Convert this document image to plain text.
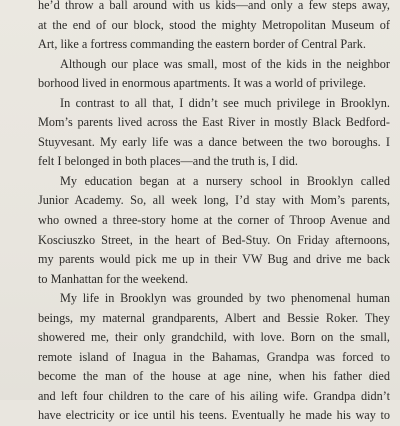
he’d throw a ball around with us kids—and only a few steps away,
at the end of our block, stood the mighty Metropolitan Museum of
Art, like a fortress commanding the eastern border of Central Park.
Although our place was small, most of the kids in the neighbor
borhood lived in enormous apartments. It was a world of privilege.
In contrast to all that, I didn’t see much privilege in Brooklyn.
Mom’s parents lived across the East River in mostly Black Bedford-
Stuyvesant. My early life was a dance between the two boroughs. I
felt I belonged in both places—and the truth is, I did.
My education began at a nursery school in Brooklyn called
Junior Academy. So, all week long, I’d stay with Mom’s parents,
who owned a three-story home at the corner of Throop Avenue and
Kosciuszko Street, in the heart of Bed-Stuy. On Friday afternoons,
my parents would pick me up in their VW Bug and drive me back
to Manhattan for the weekend.
My life in Brooklyn was grounded by two phenomenal human
beings, my maternal grandparents, Albert and Bessie Roker. They
showered me, their only grandchild, with love. Born on the small,
remote island of Inagua in the Bahamas, Grandpa was forced to
become the man of the house at age nine, when his father died
and left four children to the care of his ailing wife. Grandpa didn’t
have electricity or ice until his teens. Eventually he made his way to
